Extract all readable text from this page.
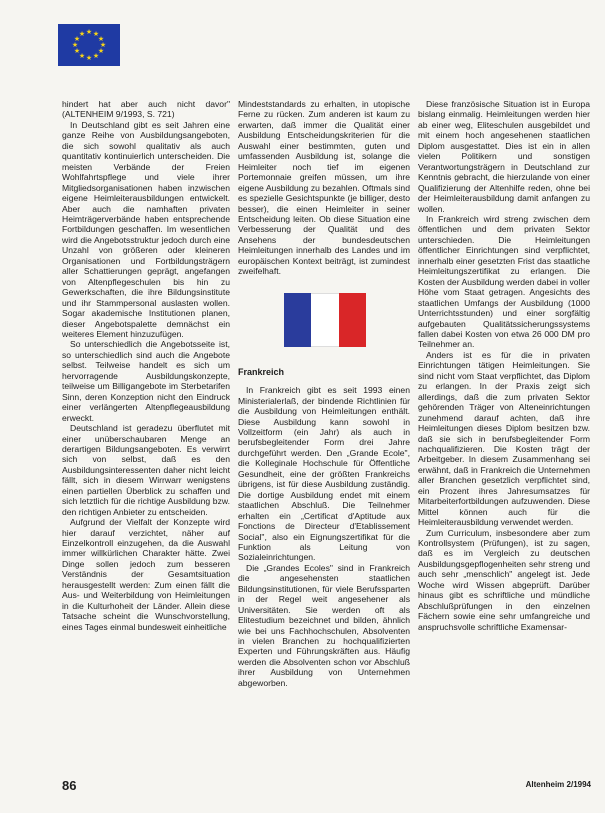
★ ★
★
★
★
★
★
★
★
★
★
★

hindert hat aber auch nicht davor" (ALTENHEIM 9/1993, S. 721)

In Deutschland gibt es seit Jahren eine ganze Reihe von Ausbildungsangeboten, die sich sowohl qualitativ als auch quantitativ kontinuierlich unterscheiden. Die meisten Verbände der Freien Wohlfahrtspflege und viele ihrer Mitgliedsorganisationen haben inzwischen eigene Heimleiterausbildungen entwickelt. Aber auch die namhaften privaten Heimträgerverbände haben entsprechende Fortbildungen geschaffen. Im wesentlichen wird die Angebotsstruktur jedoch durch eine Unzahl von größeren oder kleineren Organisationen und Fortbildungsträgern aller Schattierungen geprägt, angefangen von Altenpflegeschulen bis hin zu Gewerkschaften, die ihre Bildungsinstitute und ihr Stammpersonal auslasten wollen. Sogar akademische Institutionen planen, dieser Angebotspalette demnächst ein weiteres Element hinzuzufügen.

So unterschiedlich die Angebotsseite ist, so unterschiedlich sind auch die Angebote selbst. Teilweise handelt es sich um hervorragende Ausbildungskonzepte, teilweise um Billigangebote im Sterbetarifen Sinn, deren Konzeption nicht den Eindruck einer verlängerten Altenpflegeausbildung erweckt.

Deutschland ist geradezu überflutet mit einer unüberschaubaren Menge an derartigen Bildungsangeboten. Es verwirrt sich von selbst, daß es den Ausbildungsinteressenten daher nicht leicht fällt, sich in diesem Wirrwarr wenigstens einen partiellen Überblick zu schaffen und sich letztlich für die richtige Ausbildung bzw. den richtigen Anbieter zu entscheiden.

Aufgrund der Vielfalt der Konzepte wird hier darauf verzichtet, näher auf Einzelkontroll einzugehen, da die Auswahl immer willkürlichen Charakter hätte. Zwei Dinge sollen jedoch zum besseren Verständnis der Gesamtsituation herausgestellt werden: Zum einen fällt die Aus- und Weiterbildung von Heimleitungen in die Kulturhoheit der Länder. Allein diese Tatsache scheint die Wunschvorstellung, eines Tages einmal bundesweit einheitliche

Mindeststandards zu erhalten, in utopische Ferne zu rücken. Zum anderen ist kaum zu erwarten, daß immer die Qualität einer Ausbildung Entscheidungskriterien für die Auswahl einer bestimmten, guten und umfassenden Ausbildung ist, solange die Heimleiter noch tief im eigenen Portemonnaie greifen müssen, um ihre eigene Ausbildung zu bezahlen. Oftmals sind es spezielle Gesichtspunkte (je billiger, desto besser), die einen Heimleiter in seiner Entscheidung leiten. Ob diese Situation eine Verbesserung der Qualität und des Ansehens der bundesdeutschen Heimleitungen innerhalb des Landes und im europäischen Kontext beiträgt, ist zumindest zweifelhaft.

Frankreich

In Frankreich gibt es seit 1993 einen Ministerialerlaß, der bindende Richtlinien für die Ausbildung von Heimleitungen enthält. Diese Ausbildung kann sowohl in Vollzeitform (ein Jahr) als auch in berufsbegleitender Form drei Jahre durchgeführt werden. Den „Grande Ecole", die Kolleginale Hochschule für Öffentliche Gesundheit, eine der größten Frankreichs übrigens, ist für diese Ausbildung zuständig. Die dortige Ausbildung endet mit einem staatlichen Abschluß. Die Teilnehmer erhalten ein „Certificat d'Aptitude aux Fonctions de Directeur d'Etablissement Social", also ein Eignungszertifikat für die Funktion als Leitung von Sozialeinrichtungen.

Die „Grandes Ecoles" sind in Frankreich die angesehensten staatlichen Bildungsinstitutionen, für viele Berufssparten in der Regel weit angesehener als Universitäten. Sie werden oft als Elitestudium bezeichnet und bilden, ähnlich wie bei uns Fachhochschulen, Absolventen in vielen Branchen zu hochqualifizierten Experten und Führungskräften aus. Häufig werden die Absolventen schon vor Abschluß ihrer Ausbildung von Unternehmen abgeworben.

Diese französische Situation ist in Europa bislang einmalig. Heimleitungen werden hier ab einer weg, Eliteschulen ausgebildet und mit einem hoch angesehenen staatlichen Diplom ausgestattet. Dies ist ein in allen vielen Politikern und sonstigen Verantwortungsträgern in Deutschland zur Kenntnis gebracht, die hierzulande von einer Qualifizierung der Altenhilfe reden, ohne bei der Heimleiterausbildung damit anfangen zu wollen.

In Frankreich wird streng zwischen dem öffentlichen und dem privaten Sektor unterschieden. Die Heimleitungen öffentlicher Einrichtungen sind verpflichtet, innerhalb einer gesetzten Frist das staatliche Heimleitungszertifikat zu erlangen. Die Kosten der Ausbildung werden dabei in voller Höhe vom Staat getragen. Angesichts des staatlichen Umfangs der Ausbildung (1000 Unterrichtsstunden) und einer sorgfältig aufgebauten Qualitätssicherungssystems fallen dabei Kosten von etwa 26 000 DM pro Teilnehmer an.

Anders ist es für die in privaten Einrichtungen tätigen Heimleitungen. Sie sind nicht vom Staat verpflichtet, das Diplom zu erlangen. In der Praxis zeigt sich allerdings, daß die zum privaten Sektor gehörenden Träger von Alteneinrichtungen zunehmend darauf achten, daß ihre Heimleitungen dieses Diplom besitzen bzw. daß sie sich in berufsbegleitender Form nachqualifizieren. Die Kosten trägt der Arbeitgeber. In diesem Zusammenhang sei erwähnt, daß in Frankreich die Unternehmen aller Branchen gesetzlich verpflichtet sind, ein Prozent ihres Jahresumsatzes für Mitarbeiterfortbildungen aufzuwenden. Diese Mittel können auch für die Heimleiterausbildung verwendet werden.

Zum Curriculum, insbesondere aber zum Kontrollsystem (Prüfungen), ist zu sagen, daß es im Vergleich zu deutschen Ausbildungsgepflogenheiten sehr streng und auch sehr „menschlich" angelegt ist. Jede Woche wird Wissen abgeprüft. Darüber hinaus gibt es schriftliche und mündliche Abschlußprüfungen in den einzelnen Fächern sowie eine sehr umfangreiche und anspruchsvolle schriftliche Examensar-

86	Altenheim 2/1994
